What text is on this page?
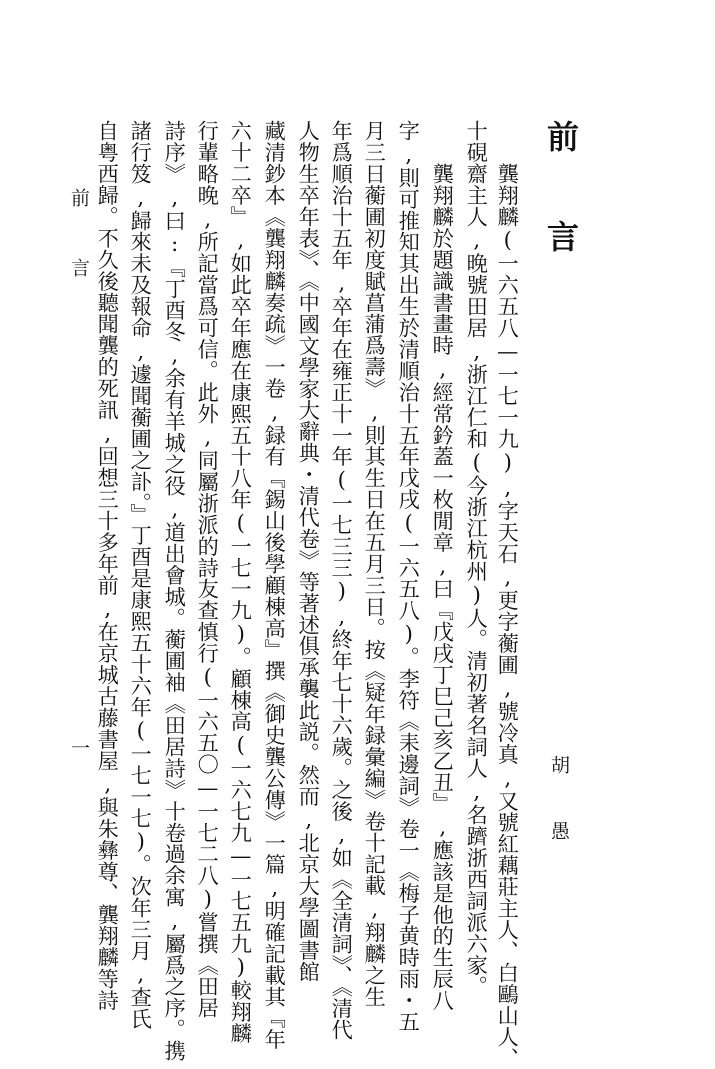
前　言
胡　愚
　　龔翔麟(一六五八—一七一九),字天石,更字蘅圃,號冷真,又號紅藕莊主人、白鷗山人、
十硯齋主人,晚號田居,浙江仁和(今浙江杭州)人。清初著名詞人,名躋浙西詞派六家。
　　龔翔麟於題識書畫時,經常鈐蓋一枚閒章,曰『戊戌丁巳己亥乙丑』,應該是他的生辰八
字,則可推知其出生於清順治十五年戊戌(一六五八)。李符《耒邊詞》卷一《梅子黄時雨・五
月三日蘅圃初度賦菖蒲爲壽》,則其生日在五月三日。按《疑年録彙編》卷十記載,翔麟之生
年爲順治十五年,卒年在雍正十一年(一七三三),終年七十六歲。之後,如《全清詞》、《清代
人物生卒年表》、《中國文學家大辭典・清代卷》等著述俱承襲此説。然而,北京大學圖書館
藏清鈔本《龔翔麟奏疏》一卷,録有『錫山後學顧棟高』撰《御史龔公傳》一篇,明確記載其『年
六十二卒』,如此卒年應在康熙五十八年(一七一九)。顧棟高(一六七九—一七五九)較翔麟
行輩略晚,所記當爲可信。此外,同屬浙派的詩友查慎行(一六五〇—一七二八)嘗撰《田居
詩序》,曰:『丁酉冬,余有羊城之役,道出會城。蘅圃袖《田居詩》十卷過余寓,屬爲之序。携
諸行笈,歸來未及報命,遽聞蘅圃之訃。』丁酉是康熙五十六年(一七一七)。次年三月,查氏
自粤西歸。不久後聽聞龔的死訊,回想三十多年前,在京城古藤書屋,與朱彝尊、龔翔麟等詩
前　言
一
